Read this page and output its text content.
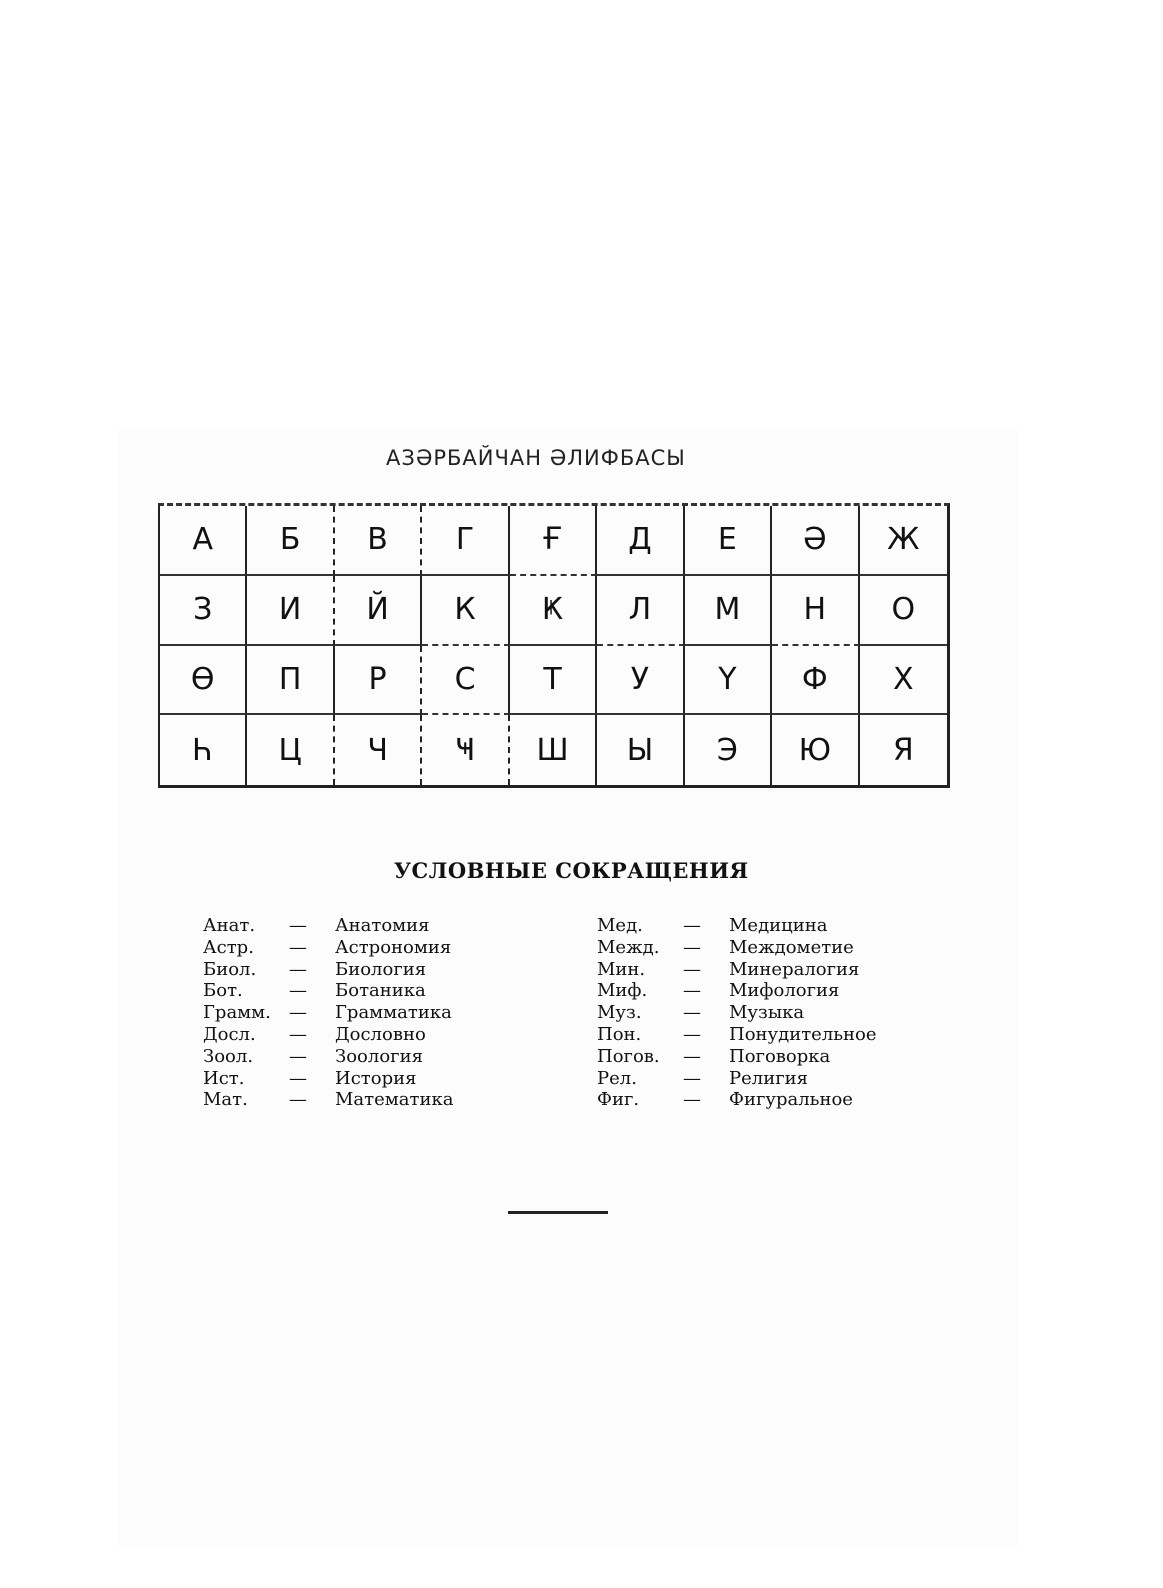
АЗӘРБАЙЧАН ӘЛИФБАСЫ
А	Б	В	Г	Ғ	Д	Е	Ә	Ж
З	И	Й	К	Ҝ	Л	М	Н	О
Ө	П	Р	С	Т	У	Ү	Ф	Х
Һ	Ц	Ч	Ҹ	Ш	Ы	Э	Ю	Я
УСЛОВНЫЕ СОКРАЩЕНИЯ
Анат.	—	Анатомия
Астр.	—	Астрономия
Биол.	—	Биология
Бот.	—	Ботаника
Грамм.	—	Грамматика
Досл.	—	Дословно
Зоол.	—	Зоология
Ист.	—	История
Мат.	—	Математика
Мед.	—	Медицина
Межд.	—	Междометие
Мин.	—	Минералогия
Миф.	—	Мифология
Муз.	—	Музыка
Пон.	—	Понудительное
Погов.	—	Поговорка
Рел.	—	Религия
Фиг.	—	Фигуральное
